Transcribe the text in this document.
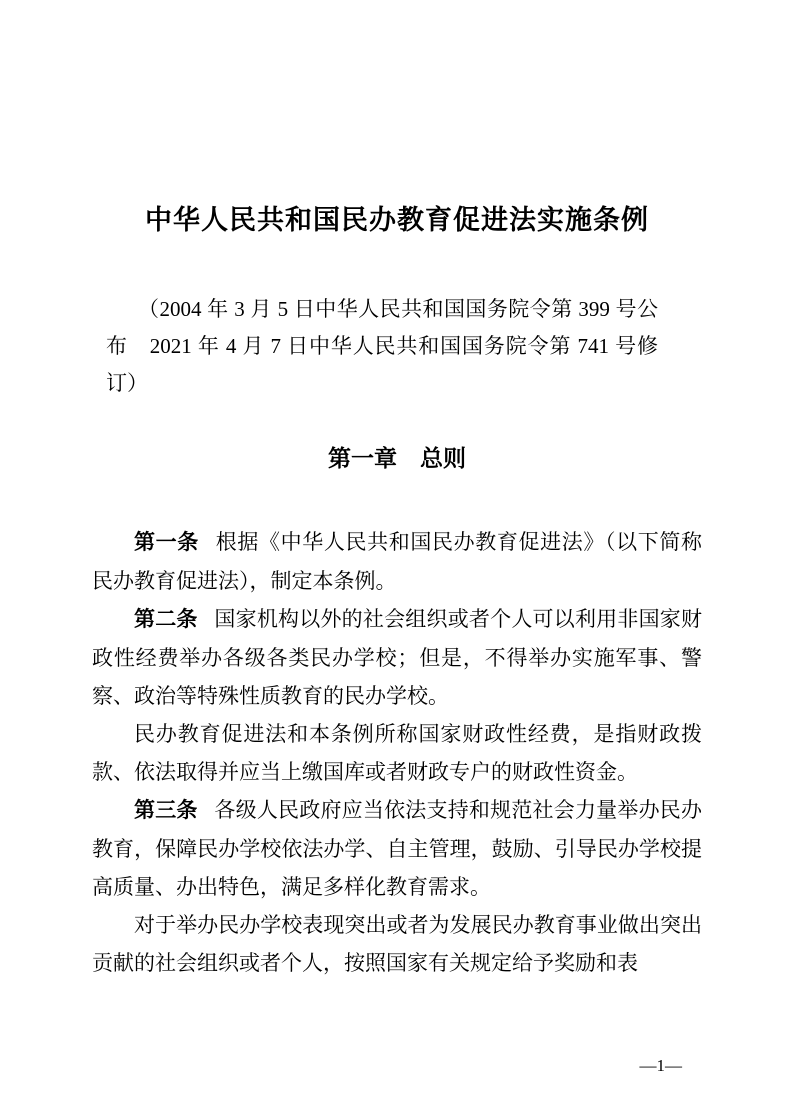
中华人民共和国民办教育促进法实施条例

（2004 年 3 月 5 日中华人民共和国国务院令第 399 号公布　2021 年 4 月 7 日中华人民共和国国务院令第 741 号修订）

第一章　总则

第一条 根据《中华人民共和国民办教育促进法》（以下简称民办教育促进法），制定本条例。

第二条 国家机构以外的社会组织或者个人可以利用非国家财政性经费举办各级各类民办学校；但是，不得举办实施军事、警察、政治等特殊性质教育的民办学校。

民办教育促进法和本条例所称国家财政性经费，是指财政拨款、依法取得并应当上缴国库或者财政专户的财政性资金。

第三条 各级人民政府应当依法支持和规范社会力量举办民办教育，保障民办学校依法办学、自主管理，鼓励、引导民办学校提高质量、办出特色，满足多样化教育需求。

对于举办民办学校表现突出或者为发展民办教育事业做出突出贡献的社会组织或者个人，按照国家有关规定给予奖励和表

—1—
